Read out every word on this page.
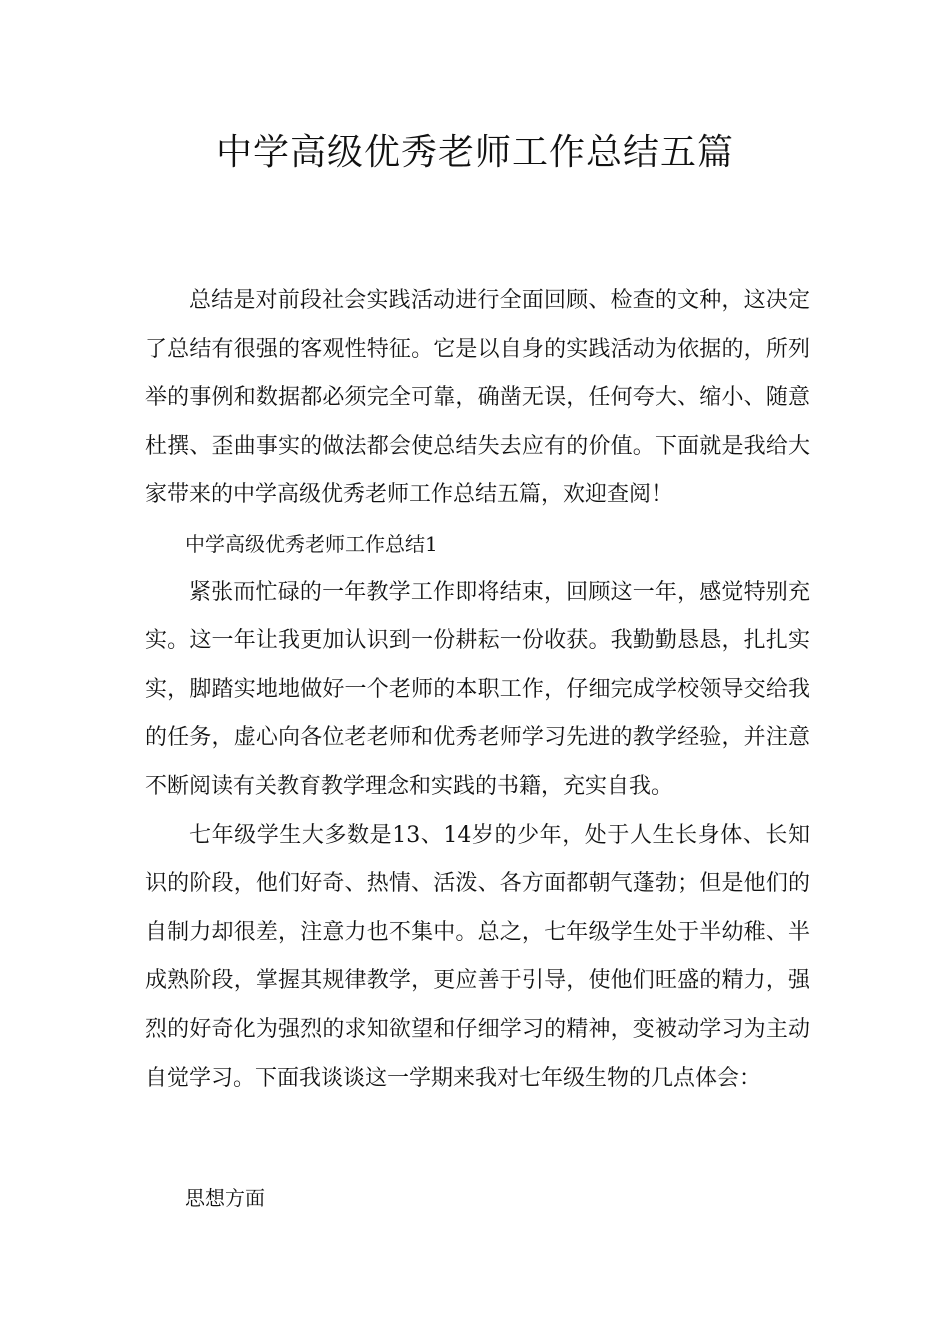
中学高级优秀老师工作总结五篇

总结是对前段社会实践活动进行全面回顾、检查的文种，这决定了总结有很强的客观性特征。它是以自身的实践活动为依据的，所列举的事例和数据都必须完全可靠，确凿无误，任何夸大、缩小、随意杜撰、歪曲事实的做法都会使总结失去应有的价值。下面就是我给大家带来的中学高级优秀老师工作总结五篇，欢迎查阅！

中学高级优秀老师工作总结1

紧张而忙碌的一年教学工作即将结束，回顾这一年，感觉特别充实。这一年让我更加认识到一份耕耘一份收获。我勤勤恳恳，扎扎实实，脚踏实地地做好一个老师的本职工作，仔细完成学校领导交给我的任务，虚心向各位老老师和优秀老师学习先进的教学经验，并注意不断阅读有关教育教学理念和实践的书籍，充实自我。

七年级学生大多数是13、14岁的少年，处于人生长身体、长知识的阶段，他们好奇、热情、活泼、各方面都朝气蓬勃；但是他们的自制力却很差，注意力也不集中。总之，七年级学生处于半幼稚、半成熟阶段，掌握其规律教学，更应善于引导，使他们旺盛的精力，强烈的好奇化为强烈的求知欲望和仔细学习的精神，变被动学习为主动自觉学习。下面我谈谈这一学期来我对七年级生物的几点体会：

思想方面
